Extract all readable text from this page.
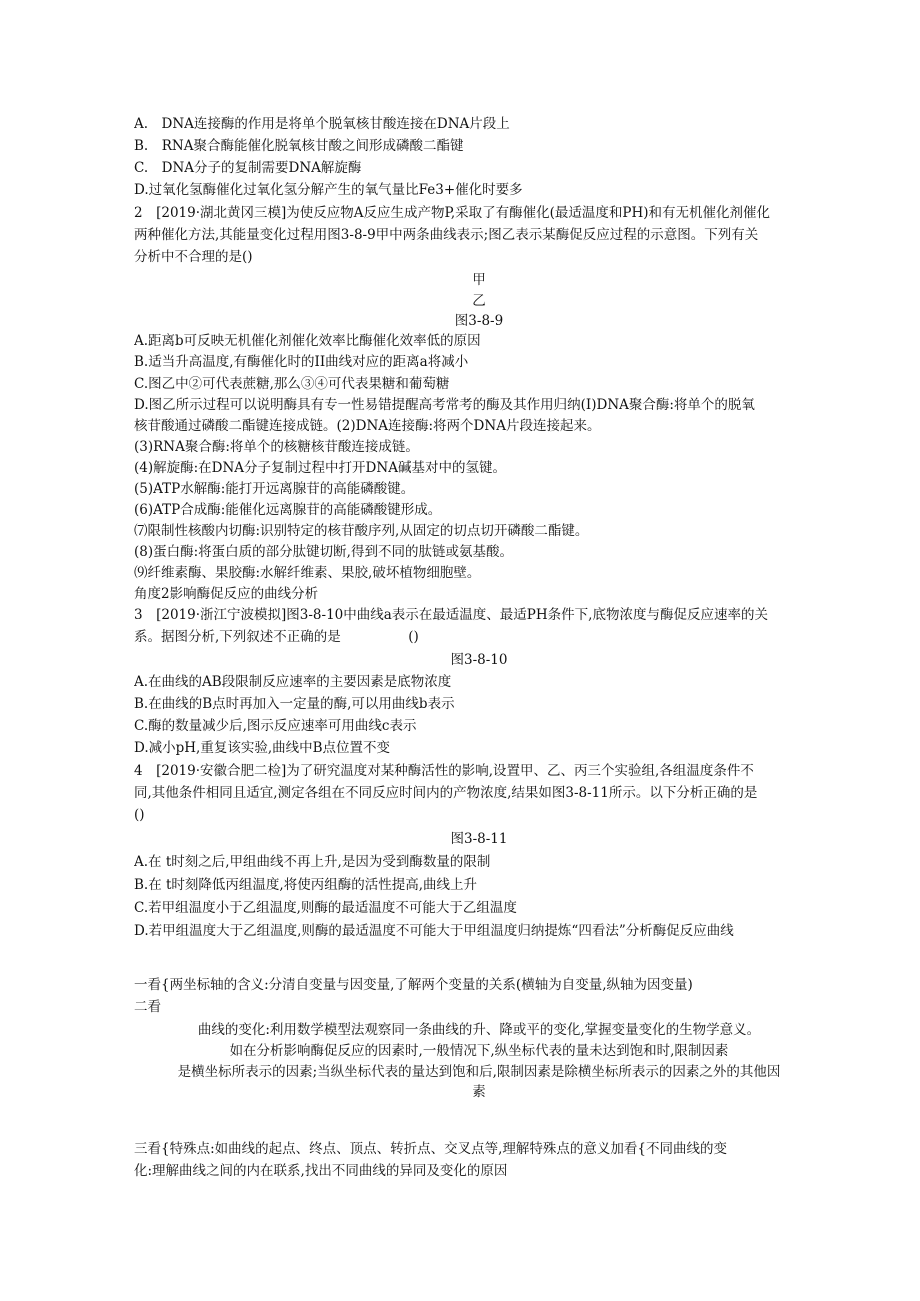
A.　DNA连接酶的作用是将单个脱氧核甘酸连接在DNA片段上
B.　RNA聚合酶能催化脱氧核甘酸之间形成磷酸二酯键
C.　DNA分子的复制需要DNA解旋酶
D.过氧化氢酶催化过氧化氢分解产生的氧气量比Fe3+催化时要多
2　[2019·湖北黄冈三模]为使反应物A反应生成产物P,采取了有酶催化(最适温度和PH)和有无机催化剂催化
两种催化方法,其能量变化过程用图3-8-9甲中两条曲线表示;图乙表示某酶促反应过程的示意图。下列有关
分析中不合理的是()
甲
乙
图3-8-9
A.距离b可反映无机催化剂催化效率比酶催化效率低的原因
B.适当升高温度,有酶催化时的II曲线对应的距离a将减小
C.图乙中②可代表蔗糖,那么③④可代表果糖和葡萄糖
D.图乙所示过程可以说明酶具有专一性易错提醒高考常考的酶及其作用归纳(I)DNA聚合酶:将单个的脱氧
核苷酸通过磷酸二酯键连接成链。(2)DNA连接酶:将两个DNA片段连接起来。
(3)RNA聚合酶:将单个的核糖核苷酸连接成链。
(4)解旋酶:在DNA分子复制过程中打开DNA碱基对中的氢键。
(5)ATP水解酶:能打开远离腺苷的高能磷酸键。
(6)ATP合成酶:能催化远离腺苷的高能磷酸键形成。
⑺限制性核酸内切酶:识别特定的核苷酸序列,从固定的切点切开磷酸二酯键。
(8)蛋白酶:将蛋白质的部分肽键切断,得到不同的肽链或氨基酸。
⑼纤维素酶、果胶酶:水解纤维素、果胶,破坏植物细胞壁。
角度2影响酶促反应的曲线分析
3　[2019·浙江宁波模拟]图3-8-10中曲线a表示在最适温度、最适PH条件下,底物浓度与酶促反应速率的关
系。据图分析,下列叙述不正确的是　　　　　()
图3-8-10
A.在曲线的AB段限制反应速率的主要因素是底物浓度
B.在曲线的B点时再加入一定量的酶,可以用曲线b表示
C.酶的数量减少后,图示反应速率可用曲线c表示
D.减小pH,重复该实验,曲线中B点位置不变
4　[2019·安徽合肥二检]为了研究温度对某种酶活性的影响,设置甲、乙、丙三个实验组,各组温度条件不
同,其他条件相同且适宜,测定各组在不同反应时间内的产物浓度,结果如图3-8-11所示。以下分析正确的是
()
图3-8-11
A.在 t时刻之后,甲组曲线不再上升,是因为受到酶数量的限制
B.在 t时刻降低丙组温度,将使丙组酶的活性提高,曲线上升
C.若甲组温度小于乙组温度,则酶的最适温度不可能大于乙组温度
D.若甲组温度大于乙组温度,则酶的最适温度不可能大于甲组温度归纳提炼“四看法”分析酶促反应曲线
一看{两坐标轴的含义:分清自变量与因变量,了解两个变量的关系(横轴为自变量,纵轴为因变量)
二看
曲线的变化:利用数学模型法观察同一条曲线的升、降或平的变化,掌握变量变化的生物学意义。
如在分析影响酶促反应的因素时,一般情况下,纵坐标代表的量未达到饱和时,限制因素
是横坐标所表示的因素;当纵坐标代表的量达到饱和后,限制因素是除横坐标所表示的因素之外的其他因
素
三看{特殊点:如曲线的起点、终点、顶点、转折点、交叉点等,理解特殊点的意义加看{不同曲线的变
化:理解曲线之间的内在联系,找出不同曲线的异同及变化的原因
